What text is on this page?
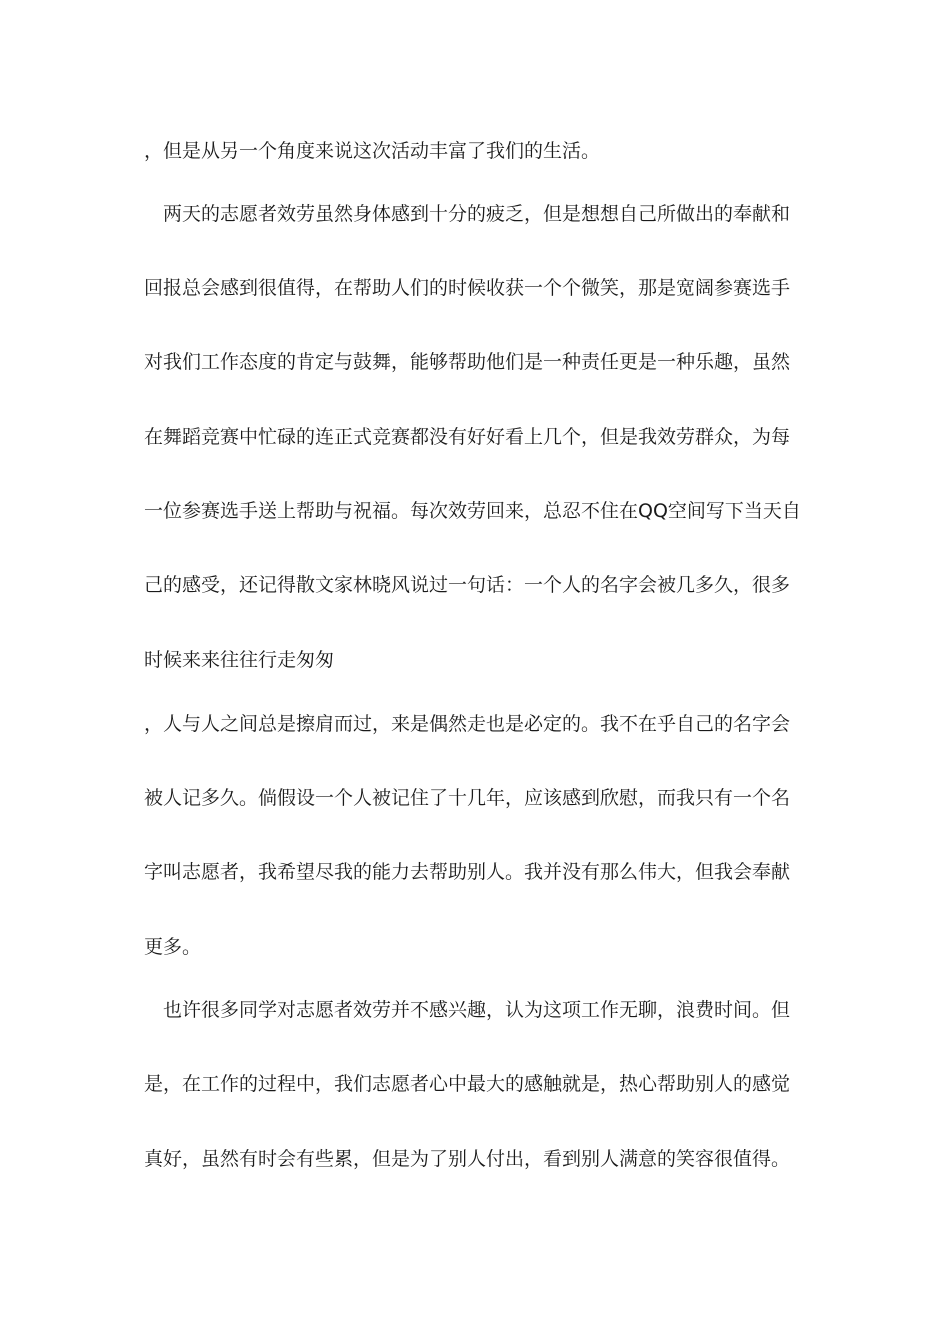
，但是从另一个角度来说这次活动丰富了我们的生活。
　两天的志愿者效劳虽然身体感到十分的疲乏，但是想想自己所做出的奉献和
回报总会感到很值得，在帮助人们的时候收获一个个微笑，那是宽阔参赛选手
对我们工作态度的肯定与鼓舞，能够帮助他们是一种责任更是一种乐趣，虽然
在舞蹈竞赛中忙碌的连正式竞赛都没有好好看上几个，但是我效劳群众，为每
一位参赛选手送上帮助与祝福。每次效劳回来，总忍不住在QQ空间写下当天自
己的感受，还记得散文家林晓风说过一句话：一个人的名字会被几多久，很多
时候来来往往行走匆匆
，人与人之间总是擦肩而过，来是偶然走也是必定的。我不在乎自己的名字会
被人记多久。倘假设一个人被记住了十几年，应该感到欣慰，而我只有一个名
字叫志愿者，我希望尽我的能力去帮助别人。我并没有那么伟大，但我会奉献
更多。
　也许很多同学对志愿者效劳并不感兴趣，认为这项工作无聊，浪费时间。但
是，在工作的过程中，我们志愿者心中最大的感触就是，热心帮助别人的感觉
真好，虽然有时会有些累，但是为了别人付出，看到别人满意的笑容很值得。
